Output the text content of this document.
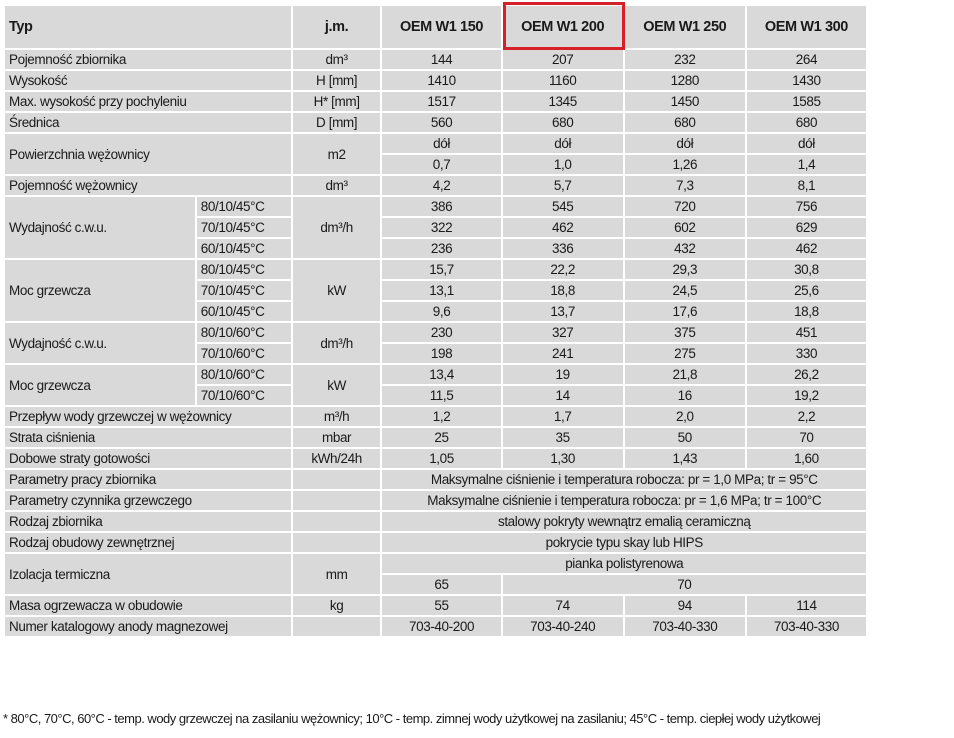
Typ		j.m.	OEM W1 150	OEM W1 200	OEM W1 250	OEM W1 300
Pojemność zbiornika		dm³	144	207	232	264
Wysokość		H [mm]	1410	1160	1280	1430
Max. wysokość przy pochyleniu		H* [mm]	1517	1345	1450	1585
Średnica		D [mm]	560	680	680	680
Powierzchnia wężownicy		m2	dół	dół	dół	dół
			0,7	1,0	1,26	1,4
Pojemność wężownicy		dm³	4,2	5,7	7,3	8,1
Wydajność c.w.u.	80/10/45°C	dm³/h	386	545	720	756
	70/10/45°C		322	462	602	629
	60/10/45°C		236	336	432	462
Moc grzewcza	80/10/45°C	kW	15,7	22,2	29,3	30,8
	70/10/45°C		13,1	18,8	24,5	25,6
	60/10/45°C		9,6	13,7	17,6	18,8
Wydajność c.w.u.	80/10/60°C	dm³/h	230	327	375	451
	70/10/60°C		198	241	275	330
Moc grzewcza	80/10/60°C	kW	13,4	19	21,8	26,2
	70/10/60°C		11,5	14	16	19,2
Przepływ wody grzewczej w wężownicy		m³/h	1,2	1,7	2,0	2,2
Strata ciśnienia		mbar	25	35	50	70
Dobowe straty gotowości		kWh/24h	1,05	1,30	1,43	1,60
Parametry pracy zbiornika			Maksymalne ciśnienie i temperatura robocza: pr = 1,0 MPa; tr = 95°C			
Parametry czynnika grzewczego			Maksymalne ciśnienie i temperatura robocza: pr = 1,6 MPa; tr = 100°C			
Rodzaj zbiornika			stalowy pokryty wewnątrz emalią ceramiczną			
Rodzaj obudowy zewnętrznej			pokrycie typu skay lub HIPS			
Izolacja termiczna		mm	pianka polistyrenowa			
			65	70		
Masa ogrzewacza w obudowie		kg	55	74	94	114
Numer katalogowy anody magnezowej			703-40-200	703-40-240	703-40-330	703-40-330
* 80°C, 70°C, 60°C - temp. wody grzewczej na zasilaniu wężownicy; 10°C - temp. zimnej wody użytkowej na zasilaniu; 45°C - temp. ciepłej wody użytkowej
